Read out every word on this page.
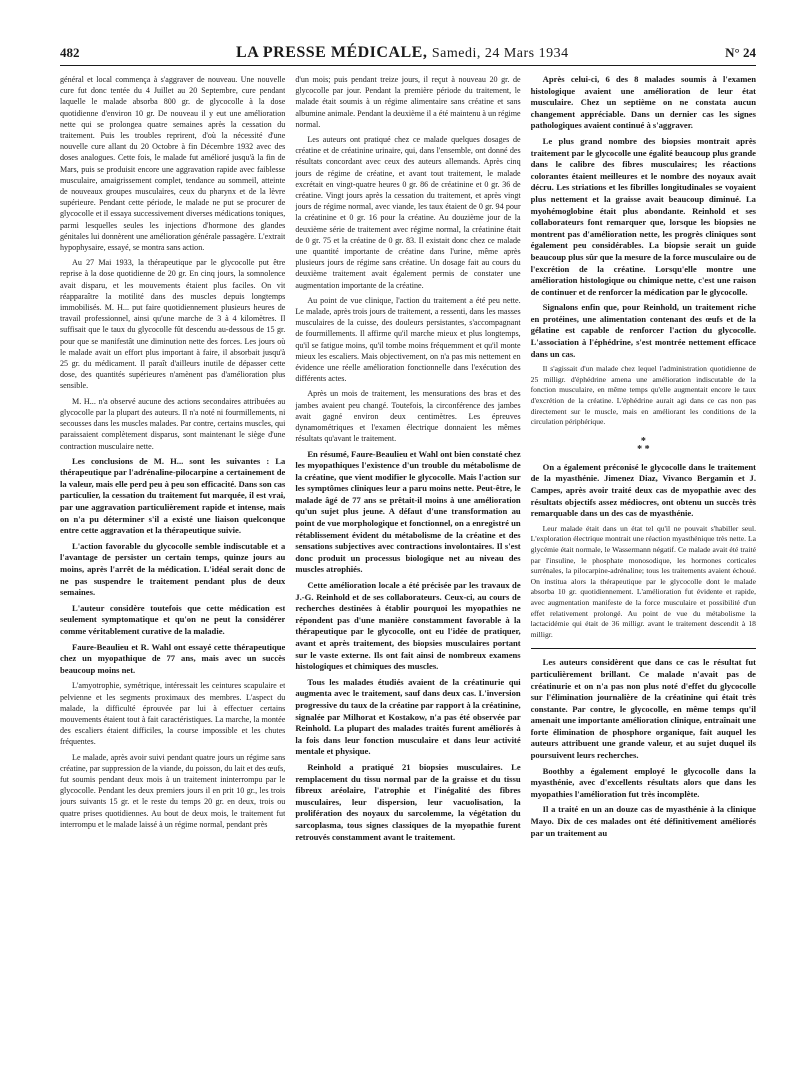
482	LA PRESSE MÉDICALE, Samedi, 24 Mars 1934	N° 24

général et local commença à s'aggraver de nouveau. Une nouvelle cure fut donc tentée du 4 Juillet au 20 Septembre, cure pendant laquelle le malade absorba 800 gr. de glycocolle à la dose quotidienne d'environ 10 gr. De nouveau il y eut une amélioration nette qui se prolongea quatre semaines après la cessation du traitement. Puis les troubles reprirent, d'où la nécessité d'une nouvelle cure allant du 20 Octobre à fin Décembre 1932 avec des doses analogues. Cette fois, le malade fut amélioré jusqu'à la fin de Mars, puis se produisit encore une aggravation rapide avec faiblesse musculaire, amaigrissement complet, tendance au sommeil, atteinte de nouveaux groupes musculaires, ceux du pharynx et de la lèvre supérieure. Pendant cette période, le malade ne put se procurer de glycocolle et il essaya successivement diverses médications toniques, parmi lesquelles seules les injections d'hormone des glandes génitales lui donnèrent une amélioration générale passagère. L'extrait hypophysaire, essayé, se montra sans action.

Au 27 Mai 1933, la thérapeutique par le glycocolle put être reprise à la dose quotidienne de 20 gr. En cinq jours, la somnolence avait disparu, et les mouvements étaient plus faciles. On vit réapparaître la motilité dans des muscles depuis longtemps immobilisés. M. H... put faire quotidiennement plusieurs heures de travail professionnel, ainsi qu'une marche de 3 à 4 kilomètres. Il suffisait que le taux du glycocolle fût descendu au-dessous de 15 gr. pour que se manifestât une diminution nette des forces. Les jours où le malade avait un effort plus important à faire, il absorbait jusqu'à 25 gr. du médicament. Il paraît d'ailleurs inutile de dépasser cette dose, des quantités supérieures n'amènent pas d'amélioration plus sensible.

M. H... n'a observé aucune des actions secondaires attribuées au glycocolle par la plupart des auteurs. Il n'a noté ni fourmillements, ni secousses dans les muscles malades. Par contre, certains muscles, qui paraissaient complètement disparus, sont maintenant le siège d'une contraction musculaire nette.

Les conclusions de M. H... sont les suivantes : La thérapeutique par l'adrénaline-pilocarpine a certainement de la valeur, mais elle perd peu à peu son efficacité. Dans son cas particulier, la cessation du traitement fut marquée, il est vrai, par une aggravation particulièrement rapide et intense, mais on n'a pu déterminer s'il a existé une liaison quelconque entre cette aggravation et la thérapeutique suivie.

L'action favorable du glycocolle semble indiscutable et a l'avantage de persister un certain temps, quinze jours au moins, après l'arrêt de la médication. L'idéal serait donc de ne pas suspendre le traitement pendant plus de deux semaines.

L'auteur considère toutefois que cette médication est seulement symptomatique et qu'on ne peut la considérer comme véritablement curative de la maladie.

Faure-Beaulieu et R. Wahl ont essayé cette thérapeutique chez un myopathique de 77 ans, mais avec un succès beaucoup moins net.

L'amyotrophie, symétrique, intéressait les ceintures scapulaire et pelvienne et les segments proximaux des membres. L'aspect du malade, la difficulté éprouvée par lui à effectuer certains mouvements étaient tout à fait caractéristiques. La marche, la montée des escaliers étaient difficiles, la course impossible et les chutes fréquentes.

Le malade, après avoir suivi pendant quatre jours un régime sans créatine, par suppression de la viande, du poisson, du lait et des œufs, fut soumis pendant deux mois à un traitement ininterrompu par le glycocolle. Pendant les deux premiers jours il en prit 10 gr., les trois jours suivants 15 gr. et le reste du temps 20 gr. en deux, trois ou quatre prises quotidiennes. Au bout de deux mois, le traitement fut interrompu et le malade laissé à un régime normal, pendant près

d'un mois; puis pendant treize jours, il reçut à nouveau 20 gr. de glycocolle par jour. Pendant la première période du traitement, le malade était soumis à un régime alimentaire sans créatine et sans albumine animale. Pendant la deuxième il a été maintenu à un régime normal.

Les auteurs ont pratiqué chez ce malade quelques dosages de créatine et de créatinine urinaire, qui, dans l'ensemble, ont donné des résultats concordant avec ceux des auteurs allemands. Après cinq jours de régime de créatine, et avant tout traitement, le malade excrétait en vingt-quatre heures 0 gr. 86 de créatinine et 0 gr. 36 de créatine. Vingt jours après la cessation du traitement, et après vingt jours de régime normal, avec viande, les taux étaient de 0 gr. 94 pour la créatinine et 0 gr. 16 pour la créatine. Au douzième jour de la deuxième série de traitement avec régime normal, la créatinine était de 0 gr. 75 et la créatine de 0 gr. 83. Il existait donc chez ce malade une quantité importante de créatine dans l'urine, même après plusieurs jours de régime sans créatine. Un dosage fait au cours du deuxième traitement avait également permis de constater une augmentation importante de la créatine.

Au point de vue clinique, l'action du traitement a été peu nette. Le malade, après trois jours de traitement, a ressenti, dans les masses musculaires de la cuisse, des douleurs persistantes, s'accompagnant de fourmillements. Il affirme qu'il marche mieux et plus longtemps, qu'il se fatigue moins, qu'il tombe moins fréquemment et qu'il monte mieux les escaliers. Mais objectivement, on n'a pas mis nettement en évidence une réelle amélioration fonctionnelle dans l'exécution des différents actes.

Après un mois de traitement, les mensurations des bras et des jambes avaient peu changé. Toutefois, la circonférence des jambes avait gagné environ deux centimètres. Les épreuves dynamométriques et l'examen électrique donnaient les mêmes résultats qu'avant le traitement.

En résumé, Faure-Beaulieu et Wahl ont bien constaté chez les myopathiques l'existence d'un trouble du métabolisme de la créatine, que vient modifier le glycocolle. Mais l'action sur les symptômes cliniques leur a paru moins nette. Peut-être, le malade âgé de 77 ans se prêtait-il moins à une amélioration qu'un sujet plus jeune. A défaut d'une transformation au point de vue morphologique et fonctionnel, on a enregistré un rétablissement évident du métabolisme de la créatine et des sensations subjectives avec contractions involontaires. Il s'est donc produit un processus biologique net au niveau des muscles atrophiés.

Cette amélioration locale a été précisée par les travaux de J.-G. Reinhold et de ses collaborateurs. Ceux-ci, au cours de recherches destinées à établir pourquoi les myopathies ne répondent pas d'une manière constamment favorable à la thérapeutique par le glycocolle, ont eu l'idée de pratiquer, avant et après traitement, des biopsies musculaires portant sur le vaste externe. Ils ont fait ainsi de nombreux examens histologiques et chimiques des muscles.

Tous les malades étudiés avaient de la créatinurie qui augmenta avec le traitement, sauf dans deux cas. L'inversion progressive du taux de la créatine par rapport à la créatinine, signalée par Milhorat et Kostakow, n'a pas été observée par Reinhold. La plupart des malades traités furent améliorés à la fois dans leur fonction musculaire et dans leur activité mentale et physique.

Reinhold a pratiqué 21 biopsies musculaires. Le remplacement du tissu normal par de la graisse et du tissu fibreux aréolaire, l'atrophie et l'inégalité des fibres musculaires, leur dispersion, leur vacuolisation, la prolifération des noyaux du sarcolemme, la végétation du sarcoplasma, tous signes classiques de la myopathie furent retrouvés constamment avant le traitement.

Après celui-ci, 6 des 8 malades soumis à l'examen histologique avaient une amélioration de leur état musculaire. Chez un septième on ne constata aucun changement appréciable. Dans un dernier cas les signes pathologiques avaient continué à s'aggraver.

Le plus grand nombre des biopsies montrait après traitement par le glycocolle une égalité beaucoup plus grande dans le calibre des fibres musculaires; les réactions colorantes étaient meilleures et le nombre des noyaux avait décru. Les striations et les fibrilles longitudinales se voyaient plus nettement et la graisse avait beaucoup diminué. La myohémoglobine était plus abondante. Reinhold et ses collaborateurs font remarquer que, lorsque les biopsies ne montrent pas d'amélioration nette, les progrès cliniques sont également peu considérables. La biopsie serait un guide beaucoup plus sûr que la mesure de la force musculaire ou de l'excrétion de la créatine. Lorsqu'elle montre une amélioration histologique ou chimique nette, c'est une raison de continuer et de renforcer la médication par le glycocolle.

Signalons enfin que, pour Reinhold, un traitement riche en protéines, une alimentation contenant des œufs et de la gélatine est capable de renforcer l'action du glycocolle. L'association à l'éphédrine, s'est montrée nettement efficace dans un cas.

Il s'agissait d'un malade chez lequel l'administration quotidienne de 25 milligr. d'éphédrine amena une amélioration indiscutable de la fonction musculaire, en même temps qu'elle augmentait encore le taux d'excrétion de la créatine. L'éphédrine aurait agi dans ce cas non pas directement sur le muscle, mais en améliorant les conditions de la circulation périphérique.

*
* *

On a également préconisé le glycocolle dans le traitement de la myasthénie. Jimenez Diaz, Vivanco Bergamin et J. Campes, après avoir traité deux cas de myopathie avec des résultats objectifs assez médiocres, ont obtenu un succès très remarquable dans un des cas de myasthénie.

Leur malade était dans un état tel qu'il ne pouvait s'habiller seul. L'exploration électrique montrait une réaction myasthénique très nette. La glycémie était normale, le Wassermann négatif. Ce malade avait été traité par l'insuline, le phosphate monosodique, les hormones corticales surrénales, la pilocarpine-adrénaline; tous les traitements avaient échoué. On institua alors la thérapeutique par le glycocolle dont le malade absorba 10 gr. quotidiennement. L'amélioration fut évidente et rapide, avec augmentation manifeste de la force musculaire et possibilité d'un effet relativement prolongé. Au point de vue du métabolisme la lactacidémie qui était de 36 milligr. avant le traitement descendit à 18 milligr.

Les auteurs considèrent que dans ce cas le résultat fut particulièrement brillant. Ce malade n'avait pas de créatinurie et on n'a pas non plus noté d'effet du glycocolle sur l'élimination journalière de la créatinine qui était très constante. Par contre, le glycocolle, en même temps qu'il amenait une importante amélioration clinique, entraînait une forte élimination de phosphore organique, fait auquel les auteurs attribuent une grande valeur, et au sujet duquel ils poursuivent leurs recherches.

Boothby a également employé le glycocolle dans la myasthénie, avec d'excellents résultats alors que dans les myopathies l'amélioration fut très incomplète.

Il a traité en un an douze cas de myasthénie à la clinique Mayo. Dix de ces malades ont été définitivement améliorés par un traitement au
